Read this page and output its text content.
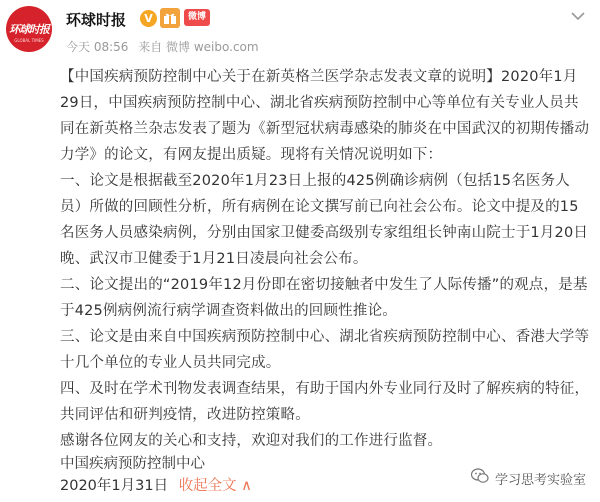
环球时报
GLOBAL TIMES
环球时报	V	微博
今天 08:56 来自 微博 weibo.com

【中国疾病预防控制中心关于在新英格兰医学杂志发表文章的说明】2020年1月29日，中国疾病预防控制中心、湖北省疾病预防控制中心等单位有关专业人员共同在新英格兰杂志发表了题为《新型冠状病毒感染的肺炎在中国武汉的初期传播动力学》的论文，有网友提出质疑。现将有关情况说明如下：

一、论文是根据截至2020年1月23日上报的425例确诊病例（包括15名医务人员）所做的回顾性分析，所有病例在论文撰写前已向社会公布。论文中提及的15名医务人员感染病例，分别由国家卫健委高级别专家组组长钟南山院士于1月20日晚、武汉市卫健委于1月21日凌晨向社会公布。

二、论文提出的“2019年12月份即在密切接触者中发生了人际传播”的观点，是基于425例病例流行病学调查资料做出的回顾性推论。

三、论文是由来自中国疾病预防控制中心、湖北省疾病预防控制中心、香港大学等十几个单位的专业人员共同完成。

四、及时在学术刊物发表调查结果，有助于国内外专业同行及时了解疾病的特征，共同评估和研判疫情，改进防控策略。

感谢各位网友的关心和支持，欢迎对我们的工作进行监督。

中国疾病预防控制中心
2020年1月31日 收起全文 ∧	学习思考实验室
